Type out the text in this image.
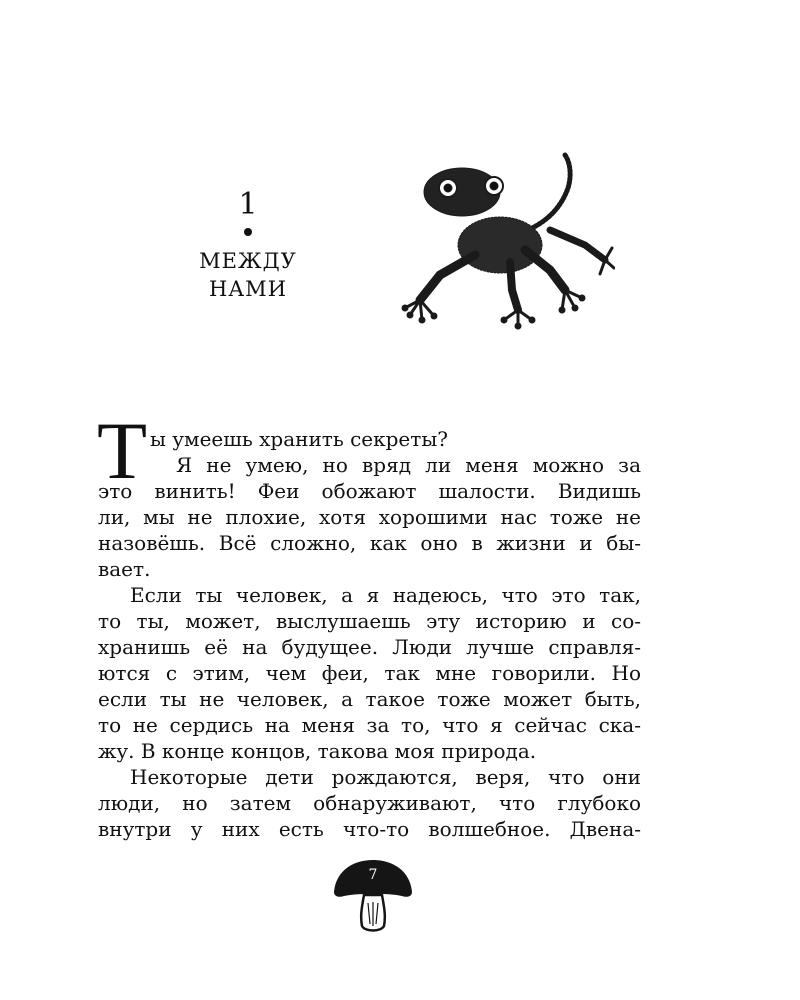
1
МЕЖДУ
НАМИ
Т ы умеешь хранить секреты?
Я не умею, но вряд ли меня можно за
это винить! Феи обожают шалости. Видишь
ли, мы не плохие, хотя хорошими нас тоже не
назовёшь. Всё сложно, как оно в жизни и бы-
вает.
Если ты человек, а я надеюсь, что это так,
то ты, может, выслушаешь эту историю и со-
хранишь её на будущее. Люди лучше справля-
ются с этим, чем феи, так мне говорили. Но
если ты не человек, а такое тоже может быть,
то не сердись на меня за то, что я сейчас ска-
жу. В конце концов, такова моя природа.
Некоторые дети рождаются, веря, что они
люди, но затем обнаруживают, что глубоко
внутри у них есть что-то волшебное. Двена-
7
